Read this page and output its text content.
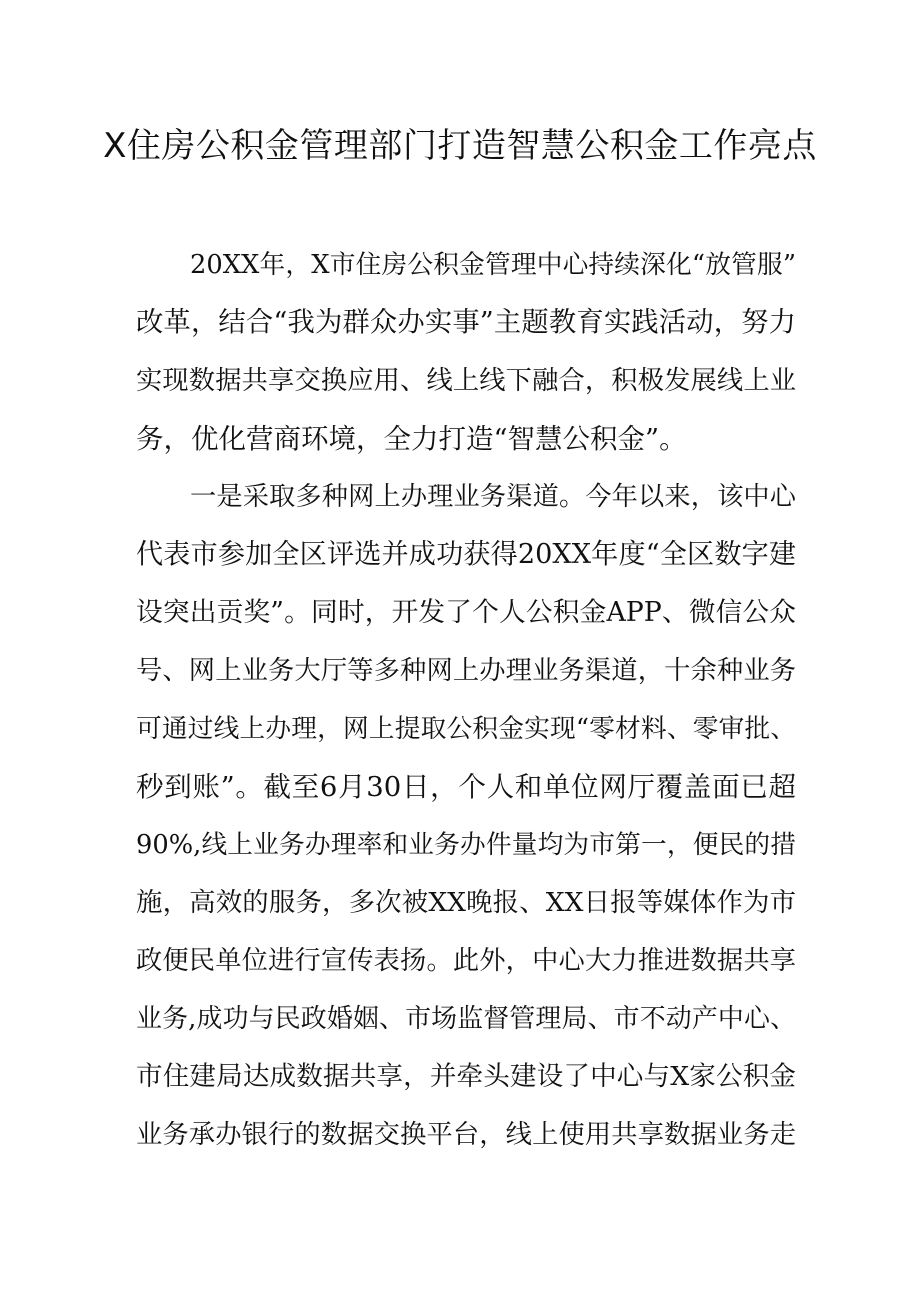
X住房公积金管理部门打造智慧公积金工作亮点
20XX年，X市住房公积金管理中心持续深化“放管服”
改革，结合“我为群众办实事”主题教育实践活动，努力
实现数据共享交换应用、线上线下融合，积极发展线上业
务，优化营商环境，全力打造“智慧公积金”。
一是采取多种网上办理业务渠道。今年以来，该中心
代表市参加全区评选并成功获得20XX年度“全区数字建
设突出贡奖”。同时，开发了个人公积金APP、微信公众
号、网上业务大厅等多种网上办理业务渠道，十余种业务
可通过线上办理，网上提取公积金实现“零材料、零审批、
秒到账”。截至6月30日，个人和单位网厅覆盖面已超
90%,线上业务办理率和业务办件量均为市第一，便民的措
施，高效的服务，多次被XX晚报、XX日报等媒体作为市
政便民单位进行宣传表扬。此外，中心大力推进数据共享
业务,成功与民政婚姻、市场监督管理局、市不动产中心、
市住建局达成数据共享，并牵头建设了中心与X家公积金
业务承办银行的数据交换平台，线上使用共享数据业务走
